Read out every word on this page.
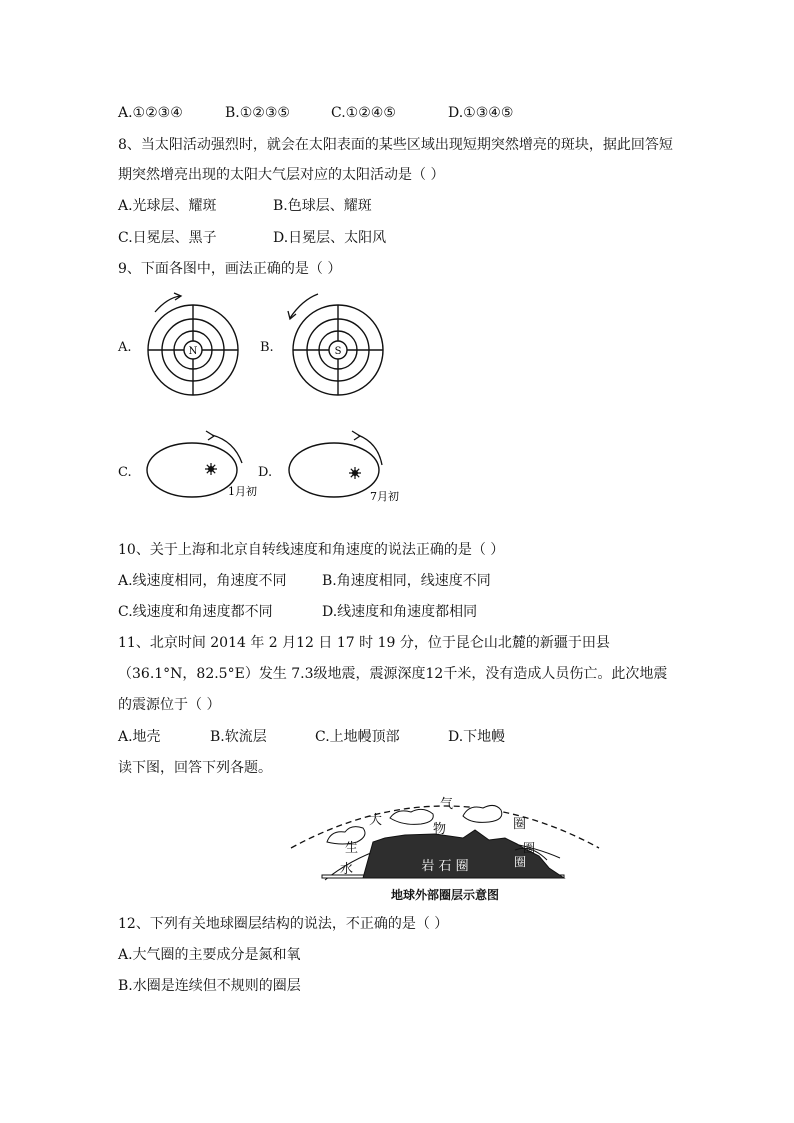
A.①②③④	B.①②③⑤	C.①②④⑤	D.①③④⑤
8、当太阳活动强烈时，就会在太阳表面的某些区域出现短期突然增亮的斑块，据此回答短
期突然增亮出现的太阳大气层对应的太阳活动是（ ）
A.光球层、耀斑	B.色球层、耀斑
C.日冕层、黑子	D.日冕层、太阳风
9、下面各图中，画法正确的是（ ）
A.	N	B.	S
C.
1月初
D.
7月初
10、关于上海和北京自转线速度和角速度的说法正确的是（ ）
A.线速度相同，角速度不同	B.角速度相同，线速度不同
C.线速度和角速度都不同	D.线速度和角速度都相同
11、北京时间 2014 年 2 月12 日 17 时 19 分，位于昆仑山北麓的新疆于田县
（36.1°N，82.5°E）发生 7.3级地震，震源深度12千米，没有造成人员伤亡。此次地震
的震源位于（ ）
A.地壳	B.软流层	C.上地幔顶部	D.下地幔
读下图，回答下列各题。
大
气
圈
物
圈
生
圈
水	岩 石 圈
地球外部圈层示意图
12、下列有关地球圈层结构的说法，不正确的是（ ）
A.大气圈的主要成分是氮和氧
B.水圈是连续但不规则的圈层
